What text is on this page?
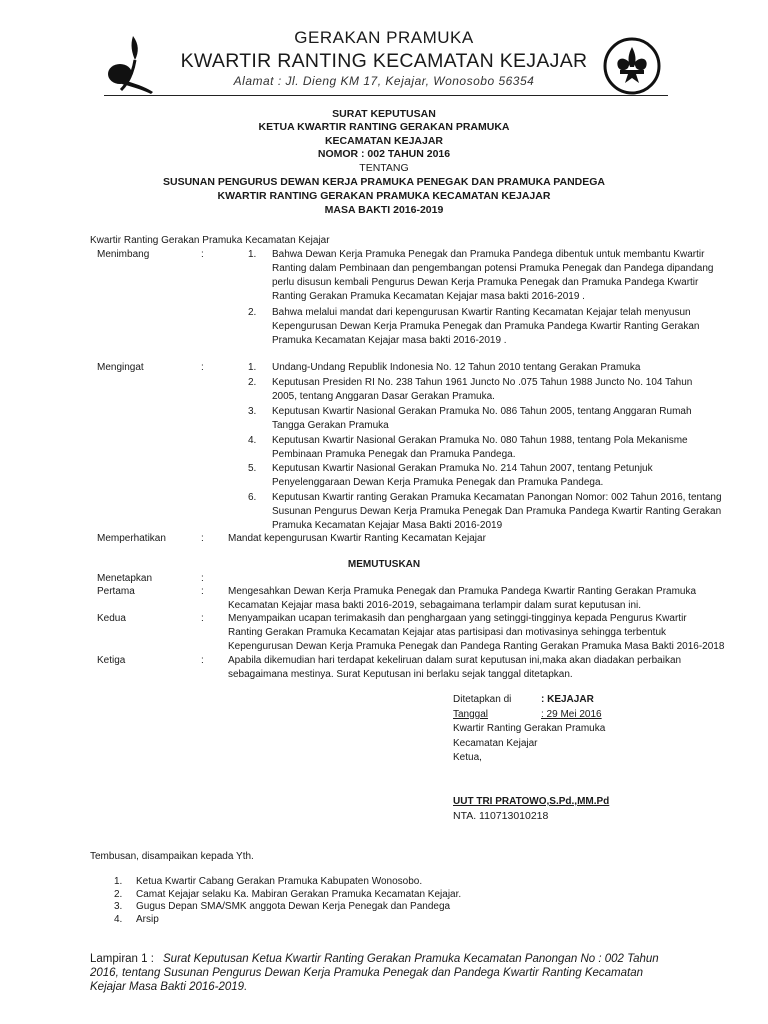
GERAKAN PRAMUKA
KWARTIR RANTING KECAMATAN KEJAJAR
Alamat : Jl. Dieng KM 17, Kejajar, Wonosobo 56354
SURAT KEPUTUSAN
KETUA KWARTIR RANTING GERAKAN PRAMUKA
KECAMATAN KEJAJAR
NOMOR : 002 TAHUN 2016
TENTANG
SUSUNAN PENGURUS DEWAN KERJA PRAMUKA PENEGAK DAN PRAMUKA PANDEGA
KWARTIR RANTING GERAKAN PRAMUKA KECAMATAN KEJAJAR
MASA BAKTI 2016-2019
Kwartir Ranting Gerakan Pramuka Kecamatan Kejajar
Menimbang	:	1. Bahwa Dewan Kerja Pramuka Penegak dan Pramuka Pandega dibentuk untuk membantu Kwartir
Ranting dalam Pembinaan dan pengembangan potensi Pramuka Penegak dan Pandega dipandang
perlu disusun kembali Pengurus Dewan Kerja Pramuka Penegak dan Pramuka Pandega Kwartir
Ranting Gerakan Pramuka Kecamatan Kejajar masa bakti 2016-2019 .
2. Bahwa melalui mandat dari kepengurusan Kwartir Ranting Kecamatan Kejajar telah menyusun
Kepengurusan Dewan Kerja Pramuka Penegak dan Pramuka Pandega Kwartir Ranting Gerakan
Pramuka Kecamatan Kejajar masa bakti 2016-2019 .
Mengingat	:	1. Undang-Undang Republik Indonesia No. 12 Tahun 2010 tentang Gerakan Pramuka
2. Keputusan Presiden RI No. 238 Tahun 1961 Juncto No .075 Tahun 1988 Juncto No. 104 Tahun
2005, tentang Anggaran Dasar Gerakan Pramuka.
3. Keputusan Kwartir Nasional Gerakan Pramuka No. 086 Tahun 2005, tentang Anggaran Rumah
Tangga Gerakan Pramuka
4. Keputusan Kwartir Nasional Gerakan Pramuka No. 080 Tahun 1988, tentang Pola Mekanisme
Pembinaan Pramuka Penegak dan Pramuka Pandega.
5. Keputusan Kwartir Nasional Gerakan Pramuka No. 214 Tahun 2007, tentang Petunjuk
Penyelenggaraan Dewan Kerja Pramuka Penegak dan Pramuka Pandega.
6. Keputusan Kwartir ranting Gerakan Pramuka Kecamatan Panongan Nomor: 002 Tahun 2016, tentang
Susunan Pengurus Dewan Kerja Pramuka Penegak Dan Pramuka Pandega Kwartir Ranting Gerakan
Pramuka Kecamatan Kejajar Masa Bakti 2016-2019
Memperhatikan	: Mandat kepengurusan Kwartir Ranting Kecamatan Kejajar
MEMUTUSKAN
Menetapkan	:
Pertama	: Mengesahkan Dewan Kerja Pramuka Penegak dan Pramuka Pandega Kwartir Ranting Gerakan Pramuka
Kecamatan Kejajar masa bakti 2016-2019, sebagaimana terlampir dalam surat keputusan ini.
Kedua	: Menyampaikan ucapan terimakasih dan penghargaan yang setinggi-tingginya kepada Pengurus Kwartir
Ranting Gerakan Pramuka Kecamatan Kejajar atas partisipasi dan motivasinya sehingga terbentuk
Kepengurusan Dewan Kerja Pramuka Penegak dan Pandega Ranting Gerakan Pramuka Masa Bakti 2016-2018
Ketiga	: Apabila dikemudian hari terdapat kekeliruan dalam surat keputusan ini,maka akan diadakan perbaikan
sebagaimana mestinya. Surat Keputusan ini berlaku sejak tanggal ditetapkan.
Ditetapkan di	: KEJAJAR
Tanggal	: 29 Mei 2016
Kwartir Ranting Gerakan Pramuka
Kecamatan Kejajar
Ketua,
UUT TRI PRATOWO,S.Pd.,MM.Pd
NTA. 110713010218
Tembusan, disampaikan kepada Yth.
1. Ketua Kwartir Cabang Gerakan Pramuka Kabupaten Wonosobo.
2. Camat Kejajar selaku Ka. Mabiran Gerakan Pramuka Kecamatan Kejajar.
3. Gugus Depan SMA/SMK anggota Dewan Kerja Penegak dan Pandega
4. Arsip
Lampiran 1 : Surat Keputusan Ketua Kwartir Ranting Gerakan Pramuka Kecamatan Panongan No : 002 Tahun
2016, tentang Susunan Pengurus Dewan Kerja Pramuka Penegak dan Pandega Kwartir Ranting Kecamatan
Kejajar Masa Bakti 2016-2019.
